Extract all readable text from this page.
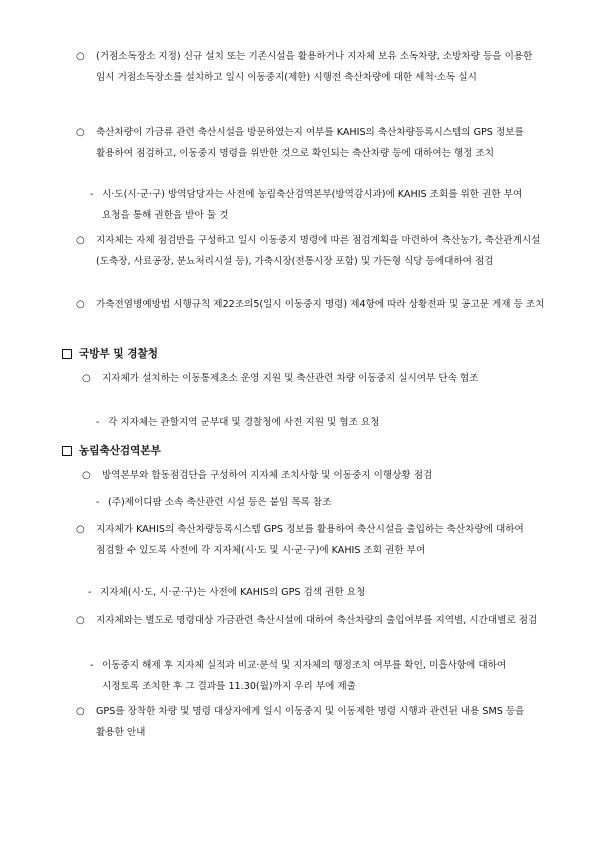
○	(거점소독장소 지정) 신규 설치 또는 기존시설을 활용하거나 지자체 보유 소독차량, 소방차량 등을 이용한 임시 거점소독장소를 설치하고 일시 이동중지(제한) 시행전 축산차량에 대한 세척·소독 실시
○	축산차량이 가금류 관련 축산시설을 방문하였는지 여부를 KAHIS의 축산차량등록시스템의 GPS 정보를 활용하여 점검하고, 이동중지 명령을 위반한 것으로 확인되는 축산차량 등에 대하여는 행정 조치
- 시·도(시·군·구) 방역담당자는 사전에 농림축산검역본부(방역감시과)에 KAHIS 조회를 위한 권한 부여 요청을 통해 권한을 받아 둘 것
○	지자체는 자체 점검반을 구성하고 일시 이동중지 명령에 따른 점검계획을 마련하여 축산농가, 축산관계시설(도축장, 사료공장, 분뇨처리시설 등), 가축시장(전통시장 포함) 및 가든형 식당 등에대하여 점검
○	가축전염병예방법 시행규칙 제22조의5(일시 이동중지 명령) 제4항에 따라 상황전파 및 공고문 게재 등 조치
국방부 및 경찰청
○	지자체가 설치하는 이동통제초소 운영 지원 및 축산관련 차량 이동중지 실시여부 단속 협조
- 각 지자체는 관할지역 군부대 및 경찰청에 사전 지원 및 협조 요청
농림축산검역본부
○	방역본부와 합동점검단을 구성하여 지자체 조치사항 및 이동중지 이행상황 점검
- (주)제이디팜 소속 축산관련 시설 등은 붙임 목록 참조
○	지자체가 KAHIS의 축산차량등록시스템 GPS 정보를 활용하여 축산시설을 출입하는 축산차량에 대하여 점검할 수 있도록 사전에 각 지자체(시·도 및 시·군·구)에 KAHIS 조회 권한 부여
- 지자체(시·도, 시·군·구)는 사전에 KAHIS의 GPS 검색 권한 요청
○	지자체와는 별도로 명령대상 가금관련 축산시설에 대하여 축산차량의 출입여부를 지역별, 시간대별로 점검
- 이동중지 해제 후 지자체 실적과 비교·분석 및 지자체의 행정조치 여부를 확인, 미흡사항에 대하여 시정토록 조치한 후 그 결과를 11.30(월)까지 우리 부에 제출
○	GPS를 장착한 차량 및 명령 대상자에게 일시 이동중지 및 이동제한 명령 시행과 관련된 내용 SMS 등을 활용한 안내
